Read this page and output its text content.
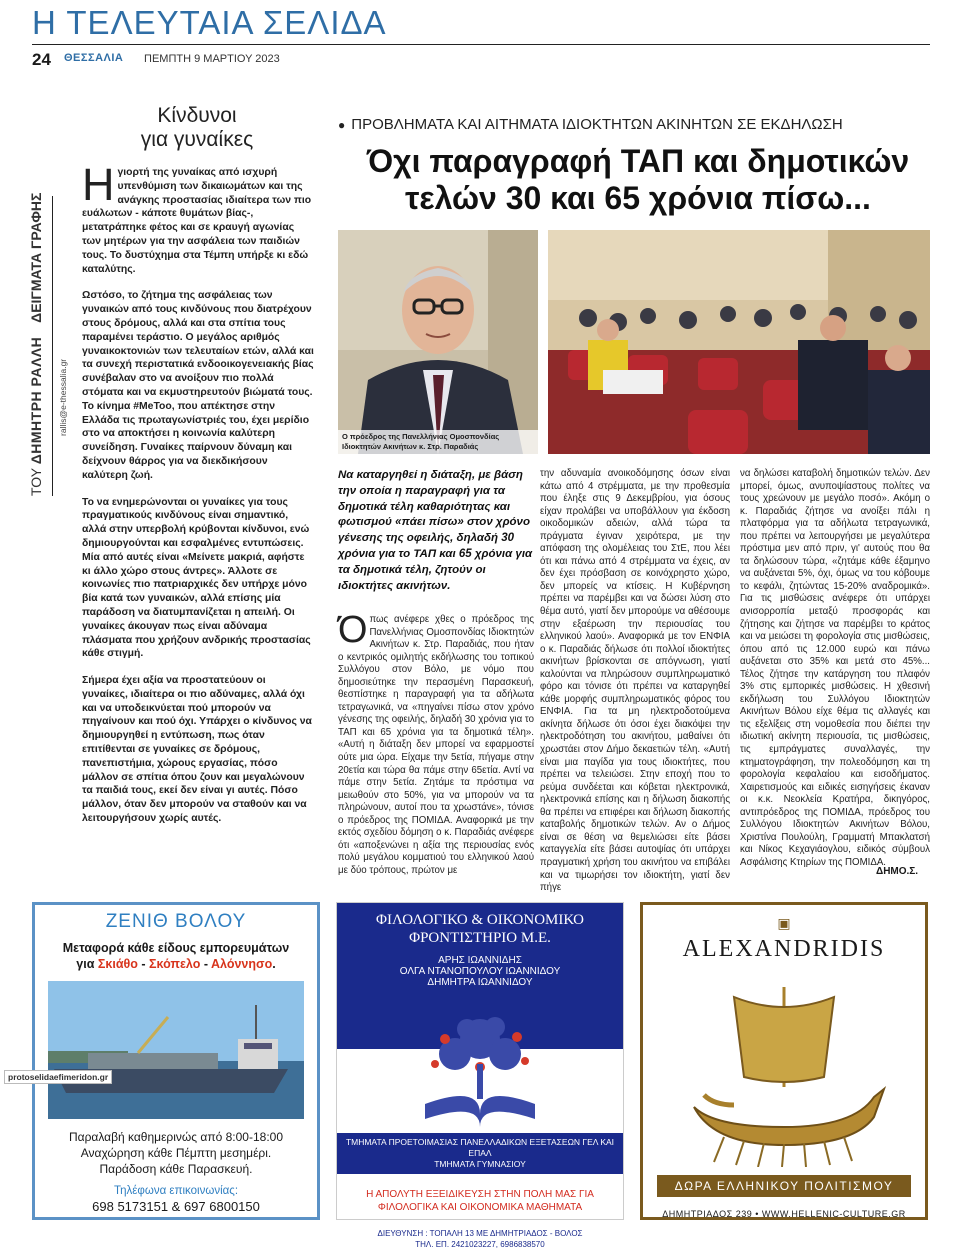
Η ΤΕΛΕΥΤΑΙΑ ΣΕΛΙΔΑ
24 ΘΕΣΣΑΛΙΑ ΠΕΜΠΤΗ 9 ΜΑΡΤΙΟΥ 2023
Κίνδυνοι
για γυναίκες
ΤΟΥ ΔΗΜΗΤΡΗ ΡΑΛΛΗ ΔΕΙΓΜΑΤΑ ΓΡΑΦΗΣ
rallis@e-thessalia.gr

Ηγιορτή της γυναίκας από ισχυρή υπενθύμιση των δικαιωμάτων και της ανάγκης προστασίας ιδιαίτερα των πιο ευάλωτων - κάποτε θυμάτων βίας-, μετατράπηκε φέτος και σε κραυγή αγωνίας των μητέρων για την ασφάλεια των παιδιών τους. Το δυστύχημα στα Τέμπη υπήρξε κι εδώ καταλύτης.

Ωστόσο, το ζήτημα της ασφάλειας των γυναικών από τους κινδύνους που διατρέχουν στους δρόμους, αλλά και στα σπίτια τους παραμένει τεράστιο. Ο μεγάλος αριθμός γυναικοκτονιών των τελευταίων ετών, αλλά και τα συνεχή περιστατικά ενδοοικογενειακής βίας συνέβαλαν στο να ανοίξουν πιο πολλά στόματα και να εκμυστηρευτούν βιώματά τους. Το κίνημα #MeToo, που απέκτησε στην Ελλάδα τις πρωταγωνίστριές του, έχει μερίδιο στο να αποκτήσει η κοινωνία καλύτερη συνείδηση. Γυναίκες παίρνουν δύναμη και δείχνουν θάρρος για να διεκδικήσουν καλύτερη ζωή.

Το να ενημερώνονται οι γυναίκες για τους πραγματικούς κινδύνους είναι σημαντικό, αλλά στην υπερβολή κρύβονται κίνδυνοι, ενώ δημιουργούνται και εσφαλμένες εντυπώσεις. Μία από αυτές είναι «Μείνετε μακριά, αφήστε κι άλλο χώρο στους άντρες». Άλλοτε σε κοινωνίες πιο πατριαρχικές δεν υπήρχε μόνο βία κατά των γυναικών, αλλά επίσης μία παράδοση να διατυμπανίζεται η απειλή. Οι γυναίκες άκουγαν πως είναι αδύναμα πλάσματα που χρήζουν ανδρικής προστασίας κάθε στιγμή.

Σήμερα έχει αξία να προστατεύουν οι γυναίκες, ιδιαίτερα οι πιο αδύναμες, αλλά όχι και να υποδεικνύεται πού μπορούν να πηγαίνουν και πού όχι. Υπάρχει ο κίνδυνος να δημιουργηθεί η εντύπωση, πως όταν επιτίθενται σε γυναίκες σε δρόμους, πανεπιστήμια, χώρους εργασίας, πόσο μάλλον σε σπίτια όπου ζουν και μεγαλώνουν τα παιδιά τους, εκεί δεν είναι γι αυτές. Πόσο μάλλον, όταν δεν μπορούν να σταθούν και να λειτουργήσουν χωρίς αυτές.

● ΠΡΟΒΛΗΜΑΤΑ ΚΑΙ ΑΙΤΗΜΑΤΑ ΙΔΙΟΚΤΗΤΩΝ ΑΚΙΝΗΤΩΝ ΣΕ ΕΚΔΗΛΩΣΗ
Όχι παραγραφή ΤΑΠ και δημοτικών
τελών 30 και 65 χρόνια πίσω...
Ο πρόεδρος της Πανελλήνιας Ομοσπονδίας Ιδιοκτητών Ακινήτων κ. Στρ. Παραδιάς
Να καταργηθεί η διάταξη, με βάση την οποία η παραγραφή για τα δημοτικά τέλη καθαριότητας και φωτισμού «πάει πίσω» στον χρόνο γένεσης της οφειλής, δηλαδή 30 χρόνια για το ΤΑΠ και 65 χρόνια για τα δημοτικά τέλη, ζητούν οι ιδιοκτήτες ακινήτων.
Όπως ανέφερε χθες ο πρόεδρος της Πανελλήνιας Ομοσπονδίας Ιδιοκτητών Ακινήτων κ. Στρ. Παραδιάς, που ήταν ο κεντρικός ομιλητής εκδήλωσης του τοπικού Συλλόγου στον Βόλο, με νόμο που δημοσιεύτηκε την περασμένη Παρασκευή, θεσπίστηκε η παραγραφή για τα αδήλωτα τετραγωνικά, να «πηγαίνει πίσω στον χρόνο γένεσης της οφειλής, δηλαδή 30 χρόνια για το ΤΑΠ και 65 χρόνια για τα δημοτικά τέλη». «Αυτή η διάταξη δεν μπορεί να εφαρμοστεί ούτε μια ώρα. Είχαμε την 5ετία, πήγαμε στην 20ετία και τώρα θα πάμε στην 65ετία. Αντί να πάμε στην 5ετία. Ζητάμε τα πρόστιμα να μειωθούν στο 50%, για να μπορούν να τα πληρώνουν, αυτοί που τα χρωστάνε», τόνισε ο πρόεδρος της ΠΟΜΙΔΑ. Αναφορικά με την εκτός σχεδίου δόμηση ο κ. Παραδιάς ανέφερε ότι «αποξενώνει η αξία της περιουσίας ενός πολύ μεγάλου κομματιού του ελληνικού λαού με δύο τρόπους, πρώτον με
την αδυναμία ανοικοδόμησης όσων είναι κάτω από 4 στρέμματα, με την προθεσμία που έληξε στις 9 Δεκεμβρίου, για όσους είχαν προλάβει να υποβάλλουν για έκδοση οικοδομικών αδειών, αλλά τώρα τα πράγματα έγιναν χειρότερα, με την απόφαση της ολομέλειας του ΣτΕ, που λέει ότι και πάνω από 4 στρέμματα να έχεις, αν δεν έχει πρόσβαση σε κοινόχρηστο χώρο, δεν μπορείς να κτίσεις. Η Κυβέρνηση πρέπει να παρέμβει και να δώσει λύση στο θέμα αυτό, γιατί δεν μπορούμε να αθέσουμε στην εξαέρωση την περιουσίας του ελληνικού λαού». Αναφορικά με τον ΕΝΦΙΑ ο κ. Παραδιάς δήλωσε ότι πολλοί ιδιοκτήτες ακινήτων βρίσκονται σε απόγνωση, γιατί καλούνται να πληρώσουν συμπληρωματικό φόρο και τόνισε ότι πρέπει να καταργηθεί κάθε μορφής συμπληρωματικός φόρος του ΕΝΦΙΑ. Για τα μη ηλεκτροδοτούμενα ακίνητα δήλωσε ότι όσοι έχει διακόψει την ηλεκτροδότηση του ακινήτου, μαθαίνει ότι χρωστάει στον Δήμο δεκαετιών τέλη. «Αυτή είναι μια παγίδα για τους ιδιοκτήτες, που πρέπει να τελειώσει. Στην εποχή που το ρεύμα συνδέεται και κόβεται ηλεκτρονικά, ηλεκτρονικά επίσης και η δήλωση διακοπής θα πρέπει να επιφέρει και δήλωση διακοπής καταβολής δημοτικών τελών. Αν ο Δήμος είναι σε θέση να θεμελιώσει είτε βάσει καταγγελία είτε βάσει αυτοψίας ότι υπάρχει πραγματική χρήση του ακινήτου να επιβάλει και να τιμωρήσει τον ιδιοκτήτη, γιατί δεν πήγε
να δηλώσει καταβολή δημοτικών τελών. Δεν μπορεί, όμως, ανυποψίαστους πολίτες να τους χρεώνουν με μεγάλο ποσό». Ακόμη ο κ. Παραδιάς ζήτησε να ανοίξει πάλι η πλατφόρμα για τα αδήλωτα τετραγωνικά, που πρέπει να λειτουργήσει με μεγαλύτερα πρόστιμα μεν από πριν, γι' αυτούς που θα τα δηλώσουν τώρα, «ζητάμε κάθε έξαμηνο να αυξάνεται 5%, όχι, όμως να του κόβουμε το κεφάλι, ζητώντας 15-20% αναδρομικά». Για τις μισθώσεις ανέφερε ότι υπάρχει ανισορροπία μεταξύ προσφοράς και ζήτησης και ζήτησε να παρέμβει το κράτος και να μειώσει τη φορολογία στις μισθώσεις, όπου από τις 12.000 ευρώ και πάνω αυξάνεται στο 35% και μετά στο 45%... Τέλος ζήτησε την κατάργηση του πλαφόν 3% στις εμπορικές μισθώσεις. Η χθεσινή εκδήλωση του Συλλόγου Ιδιοκτητών Ακινήτων Βόλου είχε θέμα τις αλλαγές και τις εξελίξεις στη νομοθεσία που διέπει την ιδιωτική ακίνητη περιουσία, τις μισθώσεις, τις εμπράγματες συναλλαγές, την κτηματογράφηση, την πολεοδόμηση και τη φορολογία κεφαλαίου και εισοδήματος. Χαιρετισμούς και ειδικές εισηγήσεις έκαναν οι κ.κ. Νεοκλεία Κρατήρα, δικηγόρος, αντιπρόεδρος της ΠΟΜΙΔΑ, πρόεδρος του Συλλόγου Ιδιοκτητών Ακινήτων Βόλου, Χριστίνα Πουλούλη, Γραμματή Μπακλατσή και Νίκος Κεχαγιάογλου, ειδικός σύμβουλ Ασφάλισης Κτηρίων της ΠΟΜΙΔΑ.
ΔΗΜΟ.Σ.
ΖΕΝΙΘ ΒΟΛΟΥ
Μεταφορά κάθε είδους εμπορευμάτων
για Σκιάθο - Σκόπελο - Αλόννησο.
Παραλαβή καθημερινώς από 8:00-18:00
Αναχώρηση κάθε Πέμπτη μεσημέρι.
Παράδοση κάθε Παρασκευή.
Τηλέφωνα επικοινωνίας:
698 5173151 & 697 6800150
ΦΙΛΟΛΟΓΙΚΟ & ΟΙΚΟΝΟΜΙΚΟ
ΦΡΟΝΤΙΣΤΗΡΙΟ Μ.Ε.
ΑΡΗΣ ΙΩΑΝΝΙΔΗΣ
ΟΛΓΑ ΝΤΑΝΟΠΟΥΛΟΥ ΙΩΑΝΝΙΔΟΥ
ΔΗΜΗΤΡΑ ΙΩΑΝΝΙΔΟΥ
ΤΜΗΜΑΤΑ ΠΡΟΕΤΟΙΜΑΣΙΑΣ ΠΑΝΕΛΛΑΔΙΚΩΝ ΕΞΕΤΑΣΕΩΝ ΓΕΛ ΚΑΙ ΕΠΑΛ
ΤΜΗΜΑΤΑ ΓΥΜΝΑΣΙΟΥ
Η ΑΠΟΛΥΤΗ ΕΞΕΙΔΙΚΕΥΣΗ ΣΤΗΝ ΠΟΛΗ ΜΑΣ ΓΙΑ
ΦΙΛΟΛΟΓΙΚΑ ΚΑΙ ΟΙΚΟΝΟΜΙΚΑ ΜΑΘΗΜΑΤΑ
ΔΙΕΥΘΥΝΣΗ : ΤΟΠΑΛΗ 13 ΜΕ ΔΗΜΗΤΡΙΑΔΟΣ - ΒΟΛΟΣ
ΤΗΛ. ΕΠ. 2421023227, 6986838570
▣
ALEXANDRIDIS
ΔΩΡΑ ΕΛΛΗΝΙΚΟΥ ΠΟΛΙΤΙΣΜΟΥ
ΔΗΜΗΤΡΙΑΔΟΣ 239 • WWW.HELLENIC-CULTURE.GR
protoselidaefimeridon.gr
